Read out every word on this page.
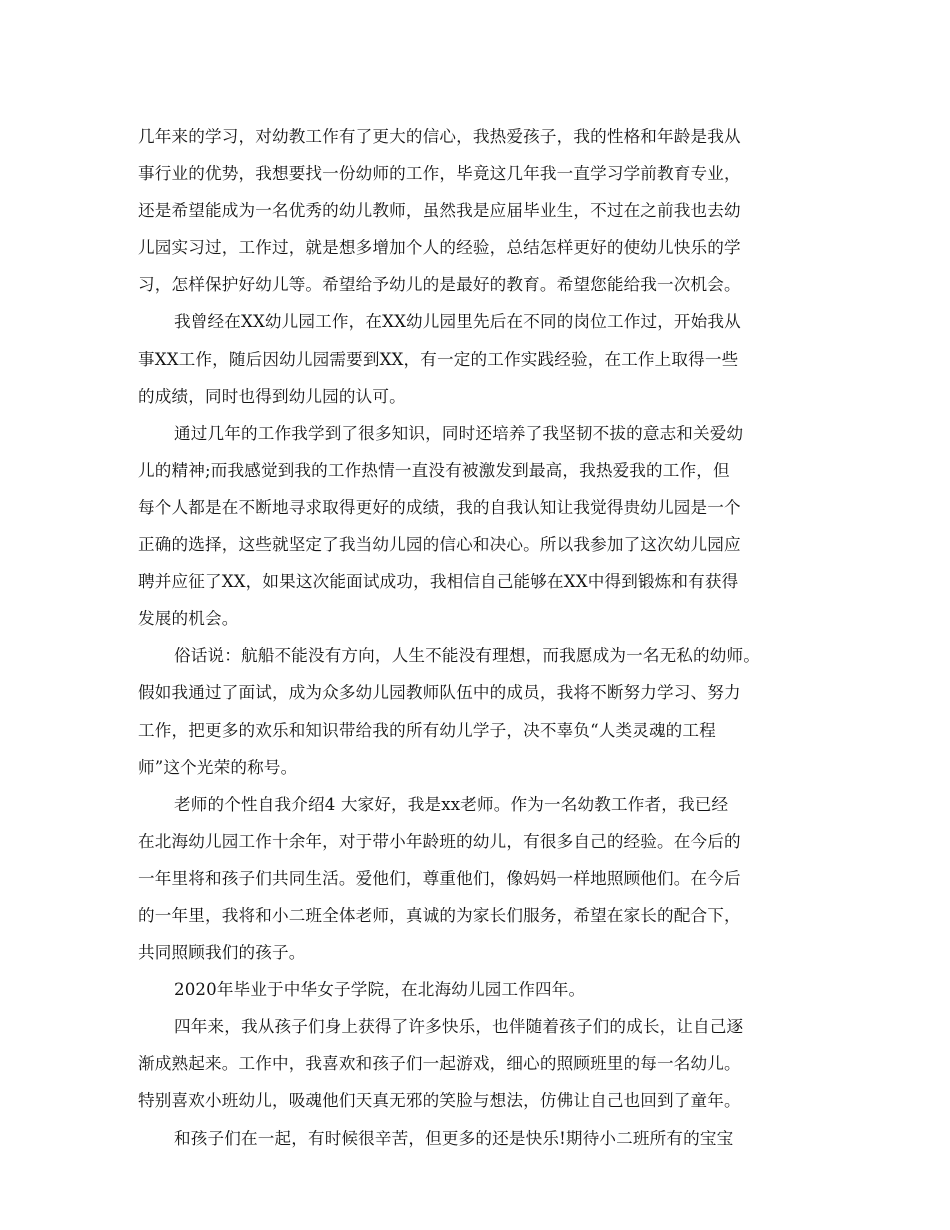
几年来的学习，对幼教工作有了更大的信心，我热爱孩子，我的性格和年龄是我从
事行业的优势，我想要找一份幼师的工作，毕竟这几年我一直学习学前教育专业，
还是希望能成为一名优秀的幼儿教师，虽然我是应届毕业生，不过在之前我也去幼
儿园实习过，工作过，就是想多增加个人的经验，总结怎样更好的使幼儿快乐的学
习，怎样保护好幼儿等。希望给予幼儿的是最好的教育。希望您能给我一次机会。
我曾经在XX幼儿园工作，在XX幼儿园里先后在不同的岗位工作过，开始我从
事XX工作，随后因幼儿园需要到XX，有一定的工作实践经验，在工作上取得一些
的成绩，同时也得到幼儿园的认可。
通过几年的工作我学到了很多知识，同时还培养了我坚韧不拔的意志和关爱幼
儿的精神;而我感觉到我的工作热情一直没有被激发到最高，我热爱我的工作，但
每个人都是在不断地寻求取得更好的成绩，我的自我认知让我觉得贵幼儿园是一个
正确的选择，这些就坚定了我当幼儿园的信心和决心。所以我参加了这次幼儿园应
聘并应征了XX，如果这次能面试成功，我相信自己能够在XX中得到锻炼和有获得
发展的机会。
俗话说：航船不能没有方向，人生不能没有理想，而我愿成为一名无私的幼师。
假如我通过了面试，成为众多幼儿园教师队伍中的成员，我将不断努力学习、努力
工作，把更多的欢乐和知识带给我的所有幼儿学子，决不辜负“人类灵魂的工程
师”这个光荣的称号。
老师的个性自我介绍4 大家好，我是xx老师。作为一名幼教工作者，我已经
在北海幼儿园工作十余年，对于带小年龄班的幼儿，有很多自己的经验。在今后的
一年里将和孩子们共同生活。爱他们，尊重他们，像妈妈一样地照顾他们。在今后
的一年里，我将和小二班全体老师，真诚的为家长们服务，希望在家长的配合下，
共同照顾我们的孩子。
2020年毕业于中华女子学院，在北海幼儿园工作四年。
四年来，我从孩子们身上获得了许多快乐，也伴随着孩子们的成长，让自己逐
渐成熟起来。工作中，我喜欢和孩子们一起游戏，细心的照顾班里的每一名幼儿。
特别喜欢小班幼儿，吸魂他们天真无邪的笑脸与想法，仿佛让自己也回到了童年。
和孩子们在一起，有时候很辛苦，但更多的还是快乐!期待小二班所有的宝宝
